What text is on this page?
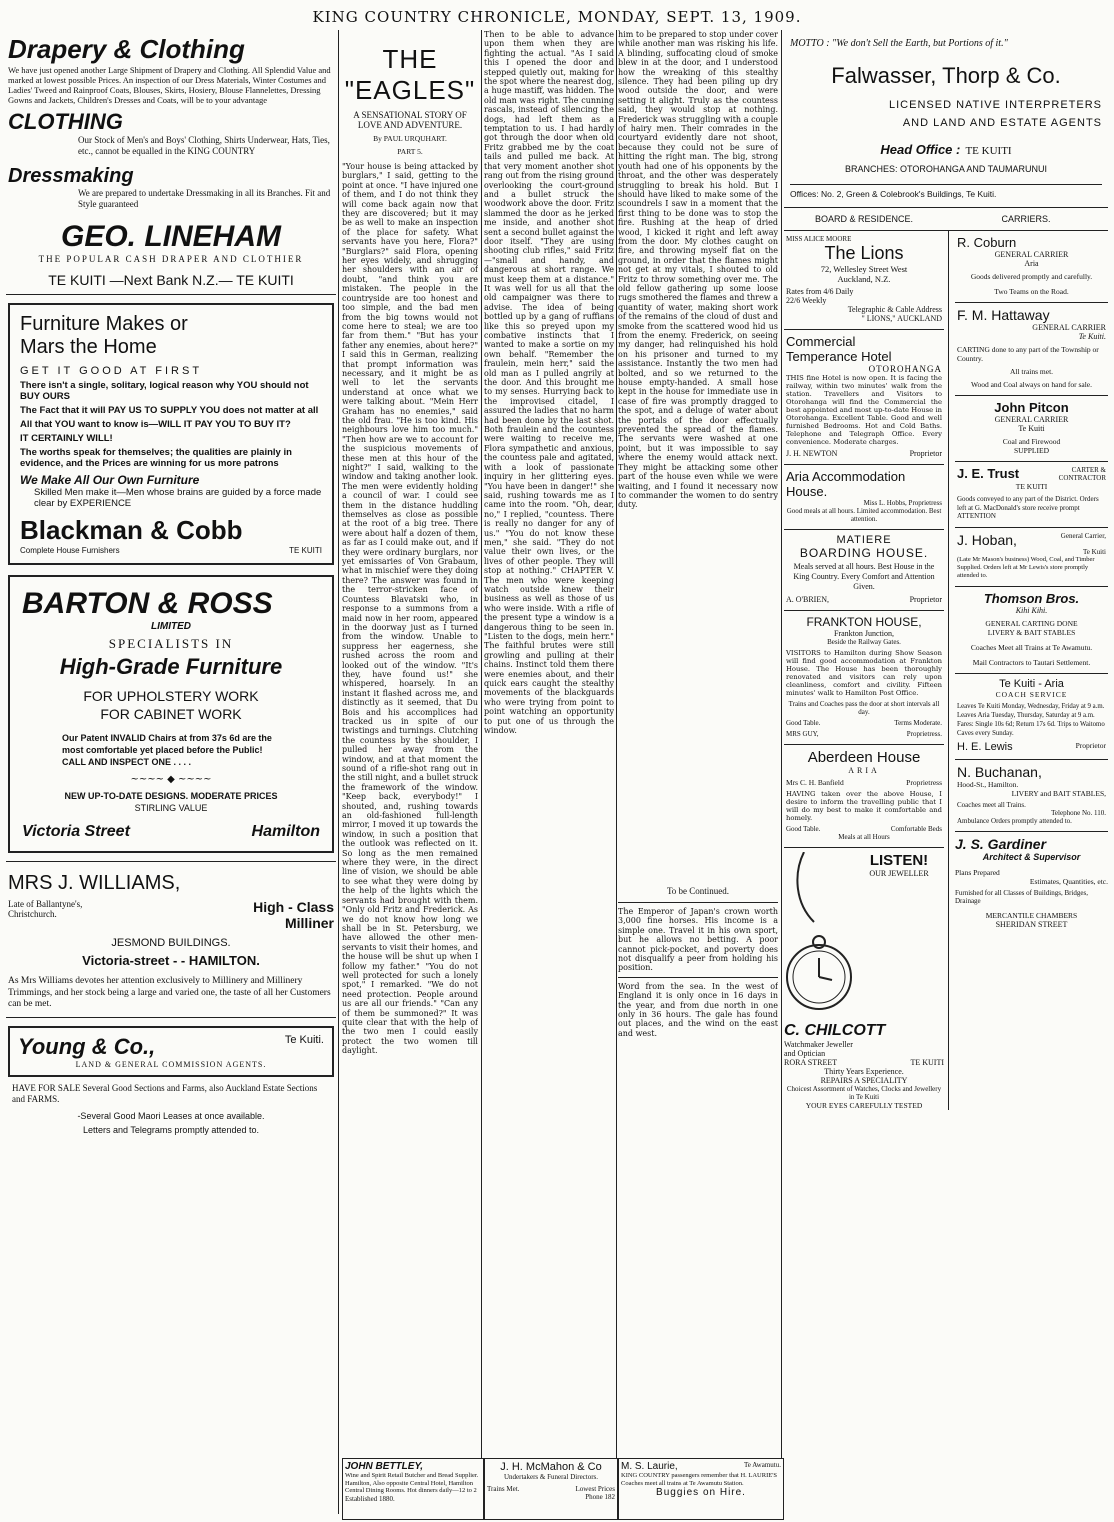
KING COUNTRY CHRONICLE, MONDAY, SEPT. 13, 1909.
Drapery & Clothing
We have just opened another Large Shipment of Drapery and Clothing. All Splendid Value and marked at lowest possible Prices. An inspection of our Dress Materials, Winter Costumes and Ladies' Tweed and Rainproof Coats, Blouses, Skirts, Hosiery, Blouse Flannelettes, Dressing Gowns and Jackets, Children's Dresses and Coats, will be to your advantage
CLOTHING
Our Stock of Men's and Boys' Clothing, Shirts Underwear, Hats, Ties, etc., cannot be equalled in the KING COUNTRY
Dressmaking
We are prepared to undertake Dressmaking in all its Branches. Fit and Style guaranteed
GEO. LINEHAM
THE POPULAR CASH DRAPER AND CLOTHIER
TE KUITI —Next Bank N.Z.— TE KUITI
Furniture Makes or
Mars the Home
GET IT GOOD AT FIRST
There isn't a single, solitary, logical reason why YOU should not BUY OURS
The Fact that it will PAY US TO SUPPLY YOU does not matter at all
All that YOU want to know is—WILL IT PAY YOU TO BUY IT?
IT CERTAINLY WILL!
The worths speak for themselves; the qualities are plainly in evidence, and the Prices are winning for us more patrons
We Make All Our Own Furniture
Skilled Men make it—Men whose brains are guided by a force made clear by EXPERIENCE
Blackman & Cobb
Complete House Furnishers	TE KUITI
BARTON & ROSS
LIMITED
SPECIALISTS IN
High-Grade Furniture
FOR UPHOLSTERY WORK
FOR CABINET WORK
Our Patent INVALID Chairs at from 37s 6d are the most comfortable yet placed before the Public! CALL AND INSPECT ONE . . . .
~~~~ ◆ ~~~~
NEW UP-TO-DATE DESIGNS. MODERATE PRICES
STIRLING VALUE
Victoria Street	Hamilton
MRS J. WILLIAMS,
Late of Ballantyne's, Christchurch.	High - Class
Milliner
JESMOND BUILDINGS.
Victoria-street - - HAMILTON.
As Mrs Williams devotes her attention exclusively to Millinery and Millinery Trimmings, and her stock being a large and varied one, the taste of all her Customers can be met.
Young & Co.,	Te Kuiti.
LAND & GENERAL COMMISSION AGENTS.
HAVE FOR SALE Several Good Sections and Farms, also Auckland Estate Sections and FARMS.
-Several Good Maori Leases at once available.
Letters and Telegrams promptly attended to.
THE "EAGLES"
A SENSATIONAL STORY OF LOVE AND ADVENTURE.
By PAUL URQUHART.
PART 5.
"Your house is being attacked by burglars," I said, getting to the point at once. "I have injured one of them, and I do not think they will come back again now that they are discovered; but it may be as well to make an inspection of the place for safety. What servants have you here, Flora?" "Burglars?" said Flora, opening her eyes widely, and shrugging her shoulders with an air of doubt, "and think you are mistaken. The people in the countryside are too honest and too simple, and the bad men from the big towns would not come here to steal; we are too far from them." "But has your father any enemies, about here?" I said this in German, realizing that prompt information was necessary, and it might be as well to let the servants understand at once what we were talking about. "Mein Herr Graham has no enemies," said the old frau. "He is too kind. His neighbours love him too much." "Then how are we to account for the suspicious movements of these men at this hour of the night?" I said, walking to the window and taking another look. The men were evidently holding a council of war. I could see them in the distance huddling themselves as close as possible at the root of a big tree. There were about half a dozen of them, as far as I could make out, and if they were ordinary burglars, nor yet emissaries of Von Grabaum, what in mischief were they doing there? The answer was found in the terror-stricken face of Countess Blavatski who, in response to a summons from a maid now in her room, appeared in the doorway just as I turned from the window. Unable to suppress her eagerness, she rushed across the room and looked out of the window. "It's they, have found us!" she whispered, hoarsely. In an instant it flashed across me, and distinctly as it seemed, that Du Bois and his accomplices had tracked us in spite of our twistings and turnings. Clutching the countess by the shoulder, I pulled her away from the window, and at that moment the sound of a rifle-shot rang out in the still night, and a bullet struck the framework of the window. "Keep back, everybody!" I shouted, and, rushing towards an old-fashioned full-length mirror, I moved it up towards the window, in such a position that the outlook was reflected on it. So long as the men remained where they were, in the direct line of vision, we should be able to see what they were doing by the help of the lights which the servants had brought with them. "Only old Fritz and Frederick. As we do not know how long we shall be in St. Petersburg, we have allowed the other men-servants to visit their homes, and the house will be shut up when I follow my father." "You do not well protected for such a lonely spot," I remarked. "We do not need protection. People around us are all our friends." "Can any of them be summoned?" It was quite clear that with the help of the two men I could easily protect the two women till daylight.
JOHN BETTLEY,
Wine and Spirit Retail Butcher and Bread Supplier. Hamilton, Also opposite Central Hotel, Hamilton Central Dining Rooms. Hot dinners daily—12 to 2
Established 1880.
Then to be able to advance upon them when they are fighting the actual. "As I said this I opened the door and stepped quietly out, making for the spot where the nearest dog, a huge mastiff, was hidden. The old man was right. The cunning rascals, instead of silencing the dogs, had left them as a temptation to us. I had hardly got through the door when old Fritz grabbed me by the coat tails and pulled me back. At that very moment another shot rang out from the rising ground overlooking the court-ground and a bullet struck the woodwork above the door. Fritz slammed the door as he jerked me inside, and another shot sent a second bullet against the door itself. "They are using shooting club rifles," said Fritz—"small and handy, and dangerous at short range. We must keep them at a distance." It was well for us all that the old campaigner was there to advise. The idea of being bottled up by a gang of ruffians like this so preyed upon my combative instincts that I wanted to make a sortie on my own behalf. "Remember the fraulein, mein herr," said the old man as I pulled angrily at the door. And this brought me to my senses. Hurrying back to the improvised citadel, I assured the ladies that no harm had been done by the last shot. Both fraulein and the countess were waiting to receive me, Flora sympathetic and anxious, the countess pale and agitated, with a look of passionate inquiry in her glittering eyes. "You have been in danger!" she said, rushing towards me as I came into the room. "Oh, dear, no," I replied, "countess. There is really no danger for any of us." "You do not know these men," she said. "They do not value their own lives, or the lives of other people. They will stop at nothing." CHAPTER V. The men who were keeping watch outside knew their business as well as those of us who were inside. With a rifle of the present type a window is a dangerous thing to be seen in. "Listen to the dogs, mein herr." The faithful brutes were still growling and pulling at their chains. Instinct told them there were enemies about, and their quick ears caught the stealthy movements of the blackguards who were trying from point to point watching an opportunity to put one of us through the window.
J. H. McMahon & Co
Undertakers & Funeral Directors.
Trains Met.	Lowest Prices
Phone 182
him to be prepared to stop under cover while another man was risking his life. A blinding, suffocating cloud of smoke blew in at the door, and I understood how the wreaking of this stealthy silence. They had been piling up dry wood outside the door, and were setting it alight. Truly as the countess said, they would stop at nothing. Frederick was struggling with a couple of hairy men. Their comrades in the courtyard evidently dare not shoot, because they could not be sure of hitting the right man. The big, strong youth had one of his opponents by the throat, and the other was desperately struggling to break his hold. But I should have liked to make some of the scoundrels I saw in a moment that the first thing to be done was to stop the fire. Rushing at the heap of dried wood, I kicked it right and left away from the door. My clothes caught on fire, and throwing myself flat on the ground, in order that the flames might not get at my vitals, I shouted to old Fritz to throw something over me. The old fellow gathering up some loose rugs smothered the flames and threw a quantity of water, making short work of the remains of the cloud of dust and smoke from the scattered wood hid us from the enemy. Frederick, on seeing my danger, had relinquished his hold on his prisoner and turned to my assistance. Instantly the two men had bolted, and so we returned to the house empty-handed. A small hose kept in the house for immediate use in case of fire was promptly dragged to the spot, and a deluge of water about the portals of the door effectually prevented the spread of the flames. The servants were washed at one point, but it was impossible to say where the enemy would attack next. They might be attacking some other part of the house even while we were waiting, and I found it necessary now to commander the women to do sentry duty.
To be Continued.
The Emperor of Japan's crown worth 3,000 fine horses. His income is a simple one. Travel it in his own sport, but he allows no betting. A poor cannot pick-pocket, and poverty does not disqualify a peer from holding his position.
Word from the sea. In the west of England it is only once in 16 days in the year, and from due north in one only in 36 hours. The gale has found out places, and the wind on the east and west.
M. S. Laurie,	Te Awamutu.
KING COUNTRY passengers remember that H. LAURIE'S Coaches meet all trains at Te Awamutu Station.
Buggies on Hire.
MOTTO : "We don't Sell the Earth, but Portions of it."
Falwasser, Thorp & Co.
LICENSED NATIVE INTERPRETERS
AND LAND AND ESTATE AGENTS
Head Office : TE KUITI
BRANCHES: OTOROHANGA AND TAUMARUNUI
Offices: No. 2, Green & Colebrook's Buildings, Te Kuiti.
BOARD & RESIDENCE.	CARRIERS.
MISS ALICE MOORE
The Lions
72, Wellesley Street West
Auckland, N.Z.
Rates from 4/6 Daily
22/6 Weekly
Telegraphic & Cable Address
" LIONS," AUCKLAND
Commercial
Temperance Hotel
OTOROHANGA
THIS fine Hotel is now open. It is facing the railway, within two minutes' walk from the station. Travellers and Visitors to Otorohanga will find the Commercial the best appointed and most up-to-date House in Otorohanga. Excellent Table. Good and well furnished Bedrooms. Hot and Cold Baths. Telephone and Telegraph Office. Every convenience. Moderate charges.
J. H. NEWTON	Proprietor
Aria Accommodation
House.
Miss L. Hobbs, Proprietress
Good meals at all hours. Limited accommodation. Best attention.
MATIERE
BOARDING HOUSE.
Meals served at all hours. Best House in the King Country. Every Comfort and Attention Given.
A. O'BRIEN,	Proprietor
FRANKTON HOUSE,
Frankton Junction,
Beside the Railway Gates.
VISITORS to Hamilton during Show Season will find good accommodation at Frankton House. The House has been thoroughly renovated and visitors can rely upon cleanliness, comfort and civility. Fifteen minutes' walk to Hamilton Post Office.
Trains and Coaches pass the door at short intervals all day.
Good Table.	Terms Moderate.
MRS GUY,	Proprietress.
Aberdeen House
ARIA
Mrs C. H. Banfield	Proprietress
HAVING taken over the above House, I desire to inform the travelling public that I will do my best to make it comfortable and homely.
Good Table.	Comfortable Beds
Meals at all Hours
LISTEN!
OUR JEWELLER
C. CHILCOTT
Watchmaker Jeweller
and Optician
RORA STREET	TE KUITI
Thirty Years Experience.
REPAIRS A SPECIALITY
Choicest Assortment of Watches, Clocks and Jewellery in Te Kuiti
YOUR EYES CAREFULLY TESTED
R. Coburn
GENERAL CARRIER
Aria
Goods delivered promptly and carefully.
Two Teams on the Road.
F. M. Hattaway
GENERAL CARRIER
Te Kuiti.
CARTING done to any part of the Township or Country.
All trains met.
Wood and Coal always on hand for sale.
John Pitcon
GENERAL CARRIER
Te Kuiti
Coal and Firewood
SUPPLIED
J. E. Trust	CARTER & CONTRACTOR
TE KUITI
Goods conveyed to any part of the District. Orders left at G. MacDonald's store receive prompt ATTENTION
J. Hoban,	General Carrier,
Te Kuiti
(Late Mr Mason's business) Wood, Coal, and Timber Supplied. Orders left at Mr Lewis's store promptly attended to.
Thomson Bros.
Kihi Kihi.
GENERAL CARTING DONE
LIVERY & BAIT STABLES
Coaches Meet all Trains at Te Awamutu.
Mail Contractors to Tautari Settlement.
Te Kuiti - Aria
COACH SERVICE
Leaves Te Kuiti Monday, Wednesday, Friday at 9 a.m. Leaves Aria Tuesday, Thursday, Saturday at 9 a.m. Fares: Single 10s 6d; Return 17s 6d. Trips to Waitomo Caves every Sunday.
H. E. Lewis	Proprietor
N. Buchanan,
Hood-St., Hamilton.
LIVERY and BAIT STABLES,
Coaches meet all Trains.
Telephone No. 110.
Ambulance Orders promptly attended to.
J. S. Gardiner
Architect & Supervisor
Plans Prepared
Estimates, Quantities, etc.
Furnished for all Classes of Buildings, Bridges, Drainage
MERCANTILE CHAMBERS
SHERIDAN STREET
